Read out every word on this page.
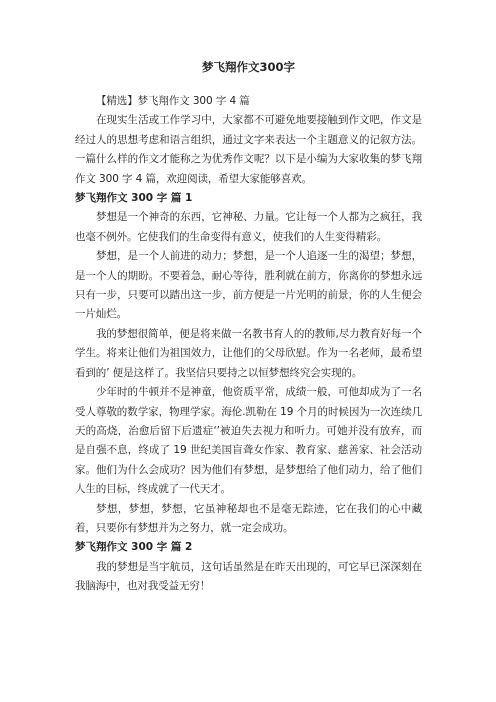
梦飞翔作文300字

【精选】梦飞翔作文 300 字 4 篇

在现实生活或工作学习中，大家都不可避免地要接触到作文吧，作文是经过人的思想考虑和语言组织，通过文字来表达一个主题意义的记叙方法。一篇什么样的作文才能称之为优秀作文呢？以下是小编为大家收集的梦飞翔作文 300 字 4 篇，欢迎阅读，希望大家能够喜欢。

梦飞翔作文 300 字 篇 1

梦想是一个神奇的东西，它神秘、力量。它让每一个人都为之疯狂，我也毫不例外。它使我们的生命变得有意义，使我们的人生变得精彩。

梦想，是一个人前进的动力；梦想，是一个人追逐一生的渴望；梦想，是一个人的期盼。不要着急，耐心等待，胜利就在前方，你离你的梦想永远只有一步，只要可以踏出这一步，前方便是一片光明的前景，你的人生便会一片灿烂。

我的梦想很简单，便是将来做一名教书育人的的教师,尽力教育好每一个学生。将来让他们为祖国效力，让他们的父母欣慰。作为一名老师，最希望看到的’ 便是这样了。我坚信只要持之以恒梦想终究会实现的。

少年时的牛顿并不是神童，他资质平常，成绩一般，可他却成为了一名受人尊敬的数学家，物理学家。海伦.凯勒在 19 个月的时候因为一次连续几天的高烧，治愈后留下后遗症‘’被迫失去视力和听力。可她并没有放弃，而是自强不息，终成了 19 世纪美国盲聋女作家、教育家、慈善家、社会活动家。他们为什么会成功？因为他们有梦想，是梦想给了他们动力，给了他们人生的目标，终成就了一代天才。

梦想，梦想，梦想，它虽神秘却也不是毫无踪迹，它在我们的心中藏着，只要你有梦想并为之努力，就一定会成功。

梦飞翔作文 300 字 篇 2

我的梦想是当宇航员，这句话虽然是在昨天出现的，可它早已深深刻在我脑海中，也对我受益无穷！
